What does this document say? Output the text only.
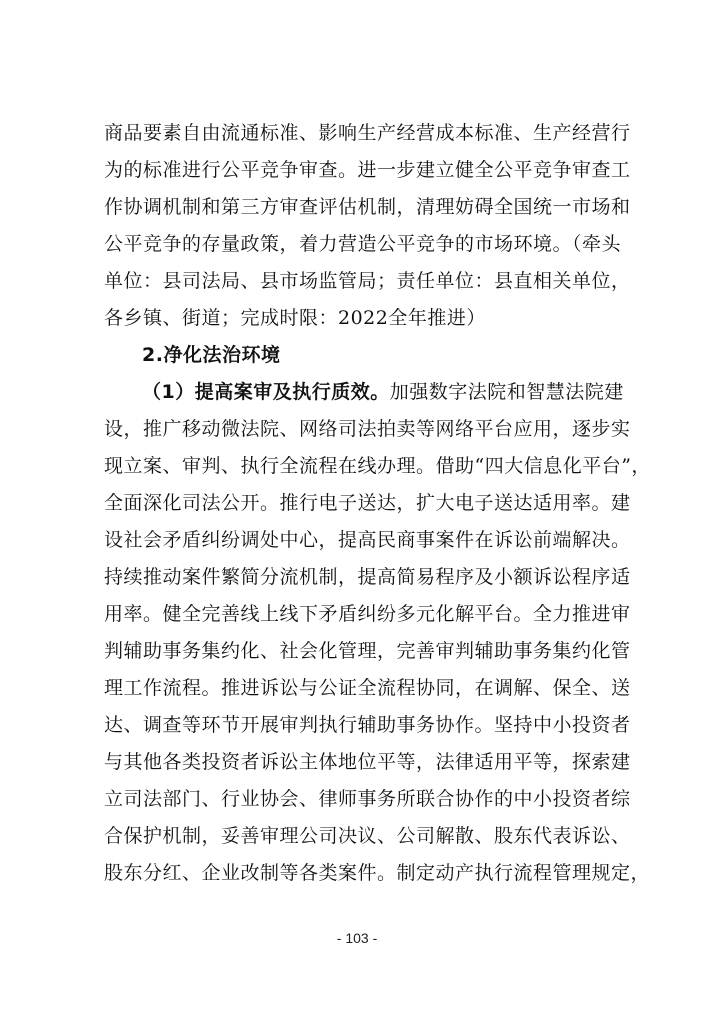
商品要素自由流通标准、影响生产经营成本标准、生产经营行
为的标准进行公平竞争审查。进一步建立健全公平竞争审查工
作协调机制和第三方审查评估机制，清理妨碍全国统一市场和
公平竞争的存量政策，着力营造公平竞争的市场环境。（牵头
单位：县司法局、县市场监管局；责任单位：县直相关单位，
各乡镇、街道；完成时限：2022全年推进）
2.净化法治环境
（1）提高案审及执行质效。加强数字法院和智慧法院建
设，推广移动微法院、网络司法拍卖等网络平台应用，逐步实
现立案、审判、执行全流程在线办理。借助“四大信息化平台”，
全面深化司法公开。推行电子送达，扩大电子送达适用率。建
设社会矛盾纠纷调处中心，提高民商事案件在诉讼前端解决。
持续推动案件繁简分流机制，提高简易程序及小额诉讼程序适
用率。健全完善线上线下矛盾纠纷多元化解平台。全力推进审
判辅助事务集约化、社会化管理，完善审判辅助事务集约化管
理工作流程。推进诉讼与公证全流程协同，在调解、保全、送
达、调查等环节开展审判执行辅助事务协作。坚持中小投资者
与其他各类投资者诉讼主体地位平等，法律适用平等，探索建
立司法部门、行业协会、律师事务所联合协作的中小投资者综
合保护机制，妥善审理公司决议、公司解散、股东代表诉讼、
股东分红、企业改制等各类案件。制定动产执行流程管理规定，
- 103 -
